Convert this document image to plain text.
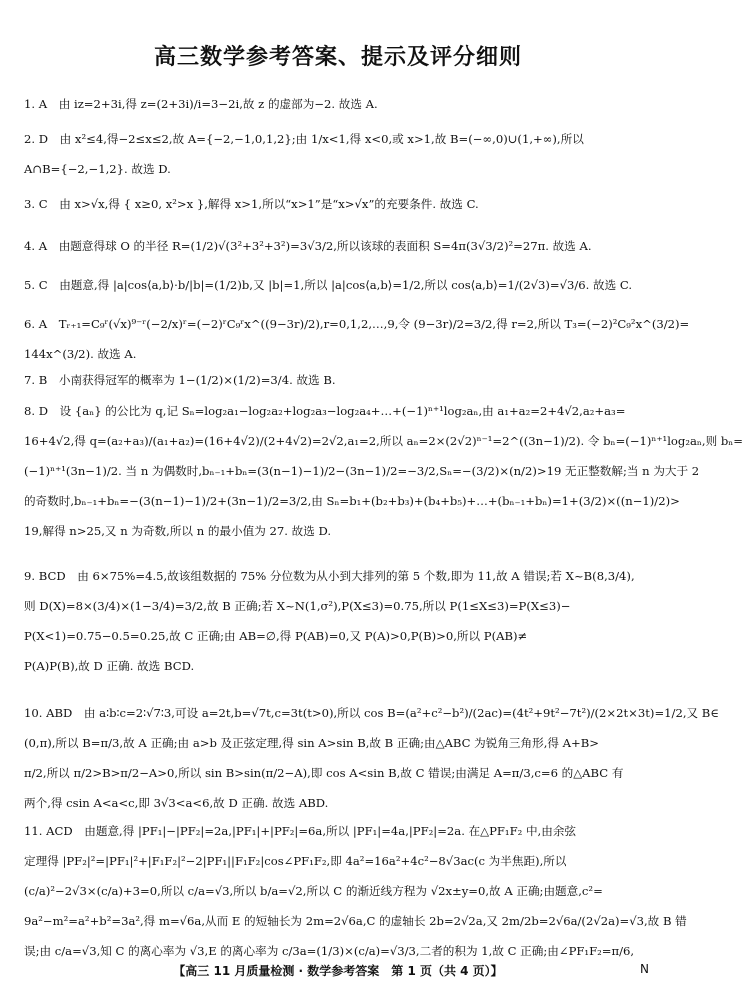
高三数学参考答案、提示及评分细则
1. A　由 iz=2+3i,得 z=(2+3i)/i=3−2i,故 z 的虚部为−2. 故选 A.
2. D　由 x²≤4,得−2≤x≤2,故 A={−2,−1,0,1,2};由 1/x<1,得 x<0,或 x>1,故 B=(−∞,0)∪(1,+∞),所以
A∩B={−2,−1,2}. 故选 D.
3. C　由 x>√x,得 { x≥0, x²>x },解得 x>1,所以“x>1”是“x>√x”的充要条件. 故选 C.
4. A　由题意得球 O 的半径 R=(1/2)√(3²+3²+3²)=3√3/2,所以该球的表面积 S=4π(3√3/2)²=27π. 故选 A.
5. C　由题意,得 |a|cos⟨a,b⟩·b/|b|=(1/2)b,又 |b|=1,所以 |a|cos⟨a,b⟩=1/2,所以 cos⟨a,b⟩=1/(2√3)=√3/6. 故选 C.
6. A　Tᵣ₊₁=C₉ʳ(√x)⁹⁻ʳ(−2/x)ʳ=(−2)ʳC₉ʳx^((9−3r)/2),r=0,1,2,…,9,令 (9−3r)/2=3/2,得 r=2,所以 T₃=(−2)²C₉²x^(3/2)=
144x^(3/2). 故选 A.
7. B　小南获得冠军的概率为 1−(1/2)×(1/2)=3/4. 故选 B.
8. D　设 {aₙ} 的公比为 q,记 Sₙ=log₂a₁−log₂a₂+log₂a₃−log₂a₄+…+(−1)ⁿ⁺¹log₂aₙ,由 a₁+a₂=2+4√2,a₂+a₃=
16+4√2,得 q=(a₂+a₃)/(a₁+a₂)=(16+4√2)/(2+4√2)=2√2,a₁=2,所以 aₙ=2×(2√2)ⁿ⁻¹=2^((3n−1)/2). 令 bₙ=(−1)ⁿ⁺¹log₂aₙ,则 bₙ=
(−1)ⁿ⁺¹(3n−1)/2. 当 n 为偶数时,bₙ₋₁+bₙ=(3(n−1)−1)/2−(3n−1)/2=−3/2,Sₙ=−(3/2)×(n/2)>19 无正整数解;当 n 为大于 2
的奇数时,bₙ₋₁+bₙ=−(3(n−1)−1)/2+(3n−1)/2=3/2,由 Sₙ=b₁+(b₂+b₃)+(b₄+b₅)+…+(bₙ₋₁+bₙ)=1+(3/2)×((n−1)/2)>
19,解得 n>25,又 n 为奇数,所以 n 的最小值为 27. 故选 D.
9. BCD　由 6×75%=4.5,故该组数据的 75% 分位数为从小到大排列的第 5 个数,即为 11,故 A 错误;若 X~B(8,3/4),
则 D(X)=8×(3/4)×(1−3/4)=3/2,故 B 正确;若 X~N(1,σ²),P(X≤3)=0.75,所以 P(1≤X≤3)=P(X≤3)−
P(X<1)=0.75−0.5=0.25,故 C 正确;由 AB=∅,得 P(AB)=0,又 P(A)>0,P(B)>0,所以 P(AB)≠
P(A)P(B),故 D 正确. 故选 BCD.
10. ABD　由 a∶b∶c=2∶√7∶3,可设 a=2t,b=√7t,c=3t(t>0),所以 cos B=(a²+c²−b²)/(2ac)=(4t²+9t²−7t²)/(2×2t×3t)=1/2,又 B∈
(0,π),所以 B=π/3,故 A 正确;由 a>b 及正弦定理,得 sin A>sin B,故 B 正确;由△ABC 为锐角三角形,得 A+B>
π/2,所以 π/2>B>π/2−A>0,所以 sin B>sin(π/2−A),即 cos A<sin B,故 C 错误;由满足 A=π/3,c=6 的△ABC 有
两个,得 csin A<a<c,即 3√3<a<6,故 D 正确. 故选 ABD.
11. ACD　由题意,得 |PF₁|−|PF₂|=2a,|PF₁|+|PF₂|=6a,所以 |PF₁|=4a,|PF₂|=2a. 在△PF₁F₂ 中,由余弦
定理得 |PF₂|²=|PF₁|²+|F₁F₂|²−2|PF₁||F₁F₂|cos∠PF₁F₂,即 4a²=16a²+4c²−8√3ac(c 为半焦距),所以
(c/a)²−2√3×(c/a)+3=0,所以 c/a=√3,所以 b/a=√2,所以 C 的渐近线方程为 √2x±y=0,故 A 正确;由题意,c²=
9a²−m²=a²+b²=3a²,得 m=√6a,从而 E 的短轴长为 2m=2√6a,C 的虚轴长 2b=2√2a,又 2m/2b=2√6a/(2√2a)=√3,故 B 错
误;由 c/a=√3,知 C 的离心率为 √3,E 的离心率为 c/3a=(1/3)×(c/a)=√3/3,二者的积为 1,故 C 正确;由∠PF₁F₂=π/6,
【高三 11 月质量检测 · 数学参考答案　第 1 页（共 4 页）】	N
